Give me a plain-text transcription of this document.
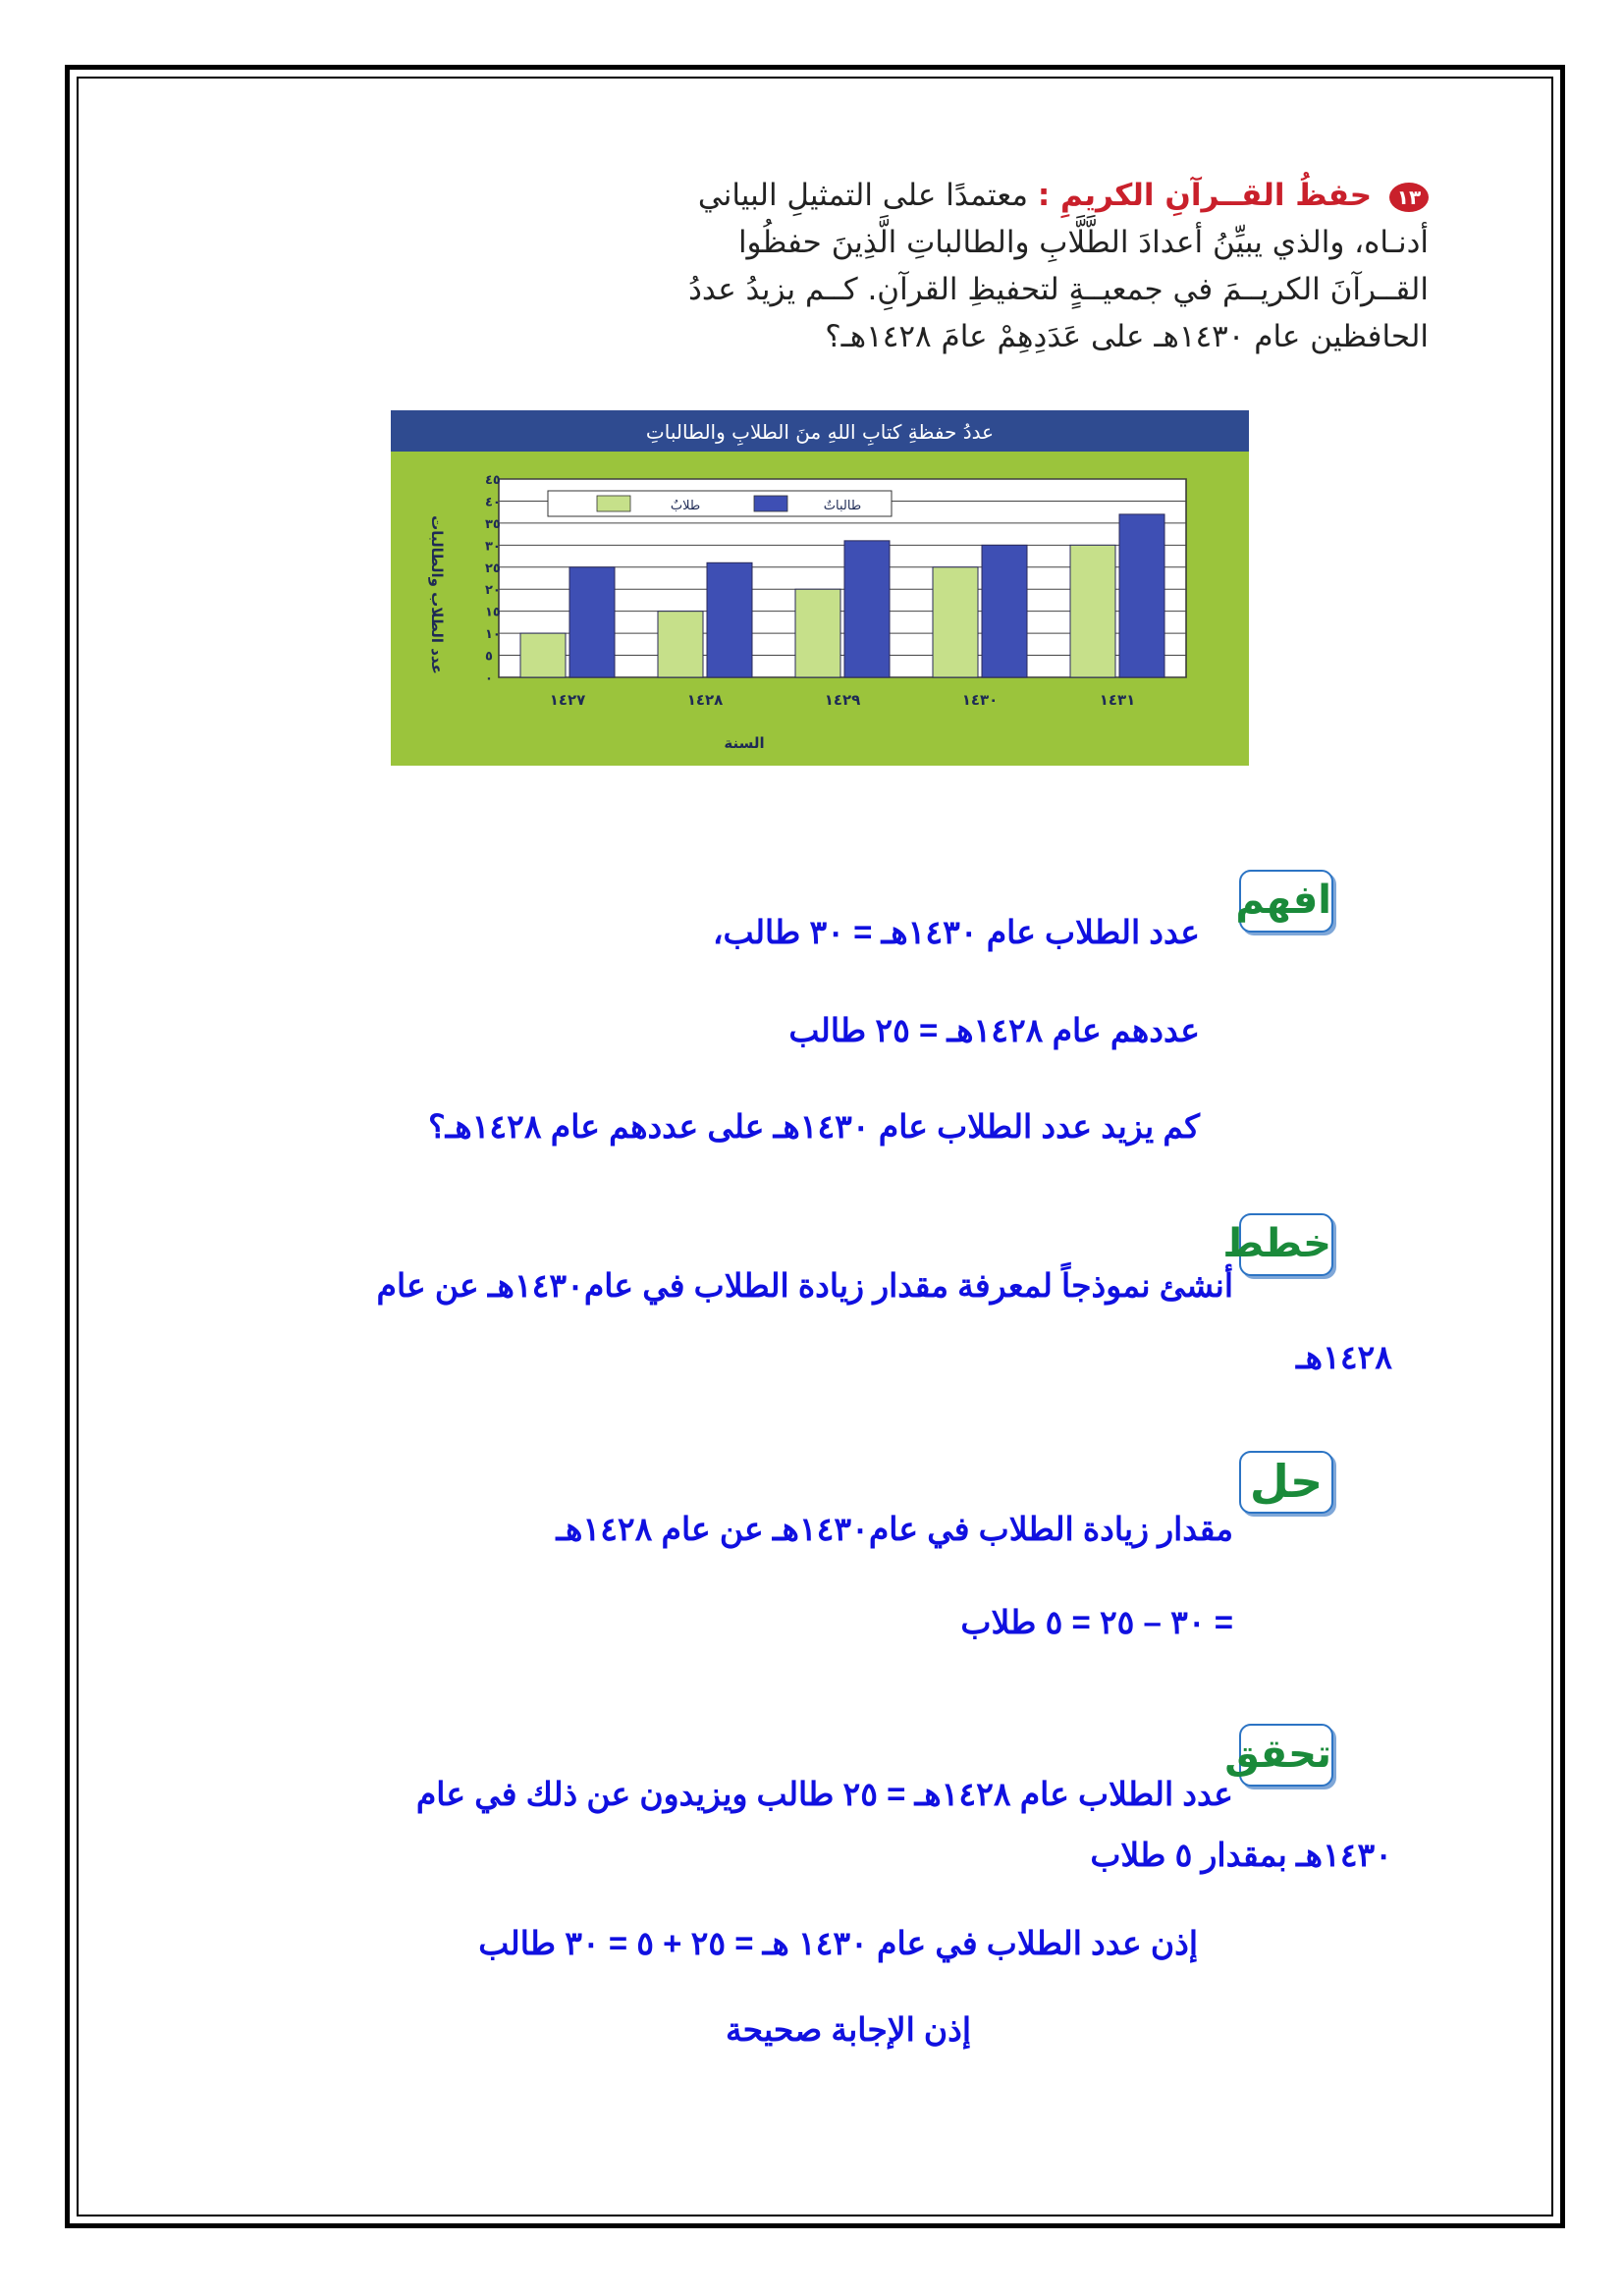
١٣ حفظُ القــرآنِ الكريمِ : معتمدًا على التمثيلِ البياني

أدنـاه، والذي يبيِّنُ أعدادَ الطَّلَّابِ والطالباتِ الَّذِينَ حفظُوا

القــرآنَ الكريــمَ في جمعيــةٍ لتحفيظِ القرآنِ. كــم يزيدُ عددُ

الحافظين عام ١٤٣٠هـ على عَدَدِهِمْ عامَ ١٤٢٨هـ؟

عددُ حفظةِ كتابِ اللهِ منَ الطلابِ والطالباتِ
٠
٥
١٠
١٥
٢٠
٢٥
٣٠
٣٥
٤٠
٤٥
١٤٢٧	١٤٢٨	١٤٢٩	١٤٣٠	١٤٣١
طلابٌ	طالباتٌ
السنة
عدد الطلاب والطالبات
افهم
عدد الطلاب عام ١٤٣٠هـ = ٣٠ طالب،
عددهم عام ١٤٢٨هـ = ٢٥ طالب
كم يزيد عدد الطلاب عام ١٤٣٠هـ على عددهم عام ١٤٢٨هـ؟
خطط
أنشئ نموذجاً لمعرفة مقدار زيادة الطلاب في عام١٤٣٠هـ عن عام
١٤٢٨هـ
حل
مقدار زيادة الطلاب في عام١٤٣٠هـ عن عام ١٤٢٨هـ
= ٣٠ – ٢٥ = ٥ طلاب
تحقق
عدد الطلاب عام ١٤٢٨هـ = ٢٥ طالب ويزيدون عن ذلك في عام
١٤٣٠هـ بمقدار ٥ طلاب
إذن عدد الطلاب في عام ١٤٣٠ هـ = ٢٥ + ٥ = ٣٠ طالب
إذن الإجابة صحيحة
